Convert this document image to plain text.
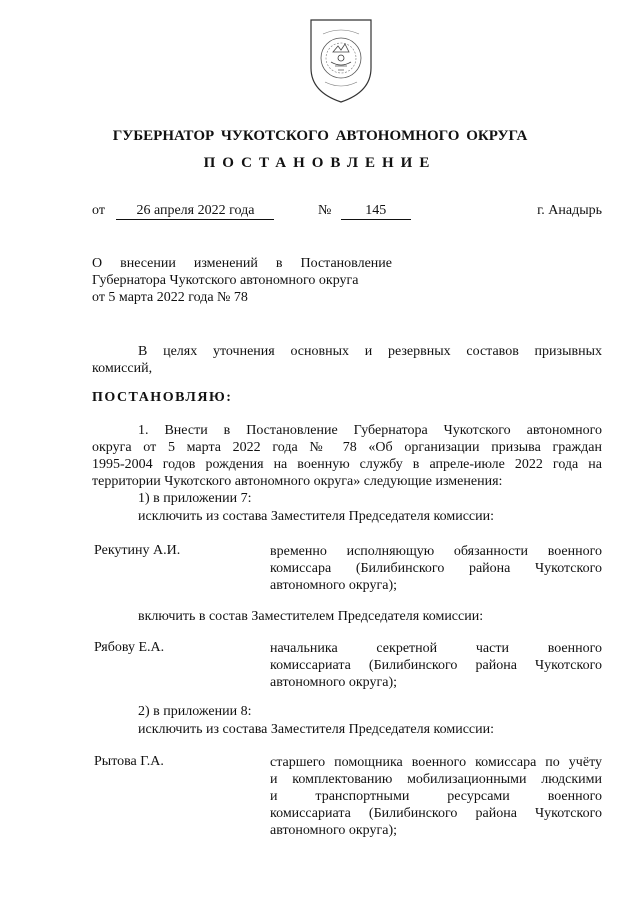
ГУБЕРНАТОР ЧУКОТСКОГО АВТОНОМНОГО ОКРУГА
ПОСТАНОВЛЕНИЕ
от 26 апреля 2022 года	№ 145	г. Анадырь
О внесении изменений в Постановление
Губернатора Чукотского автономного округа
от 5 марта 2022 года № 78
В целях уточнения основных и резервных составов призывных
комиссий,
ПОСТАНОВЛЯЮ:
1. Внести в Постановление Губернатора Чукотского автономного
округа от 5 марта 2022 года № 78 «Об организации призыва граждан
1995-2004 годов рождения на военную службу в апреле-июле 2022 года на
территории Чукотского автономного округа» следующие изменения:
1) в приложении 7:
исключить из состава Заместителя Председателя комиссии:
Рекутину А.И.	временно исполняющую обязанности военного
комиссара (Билибинского района Чукотского
автономного округа);
включить в состав Заместителем Председателя комиссии:
Рябову Е.А.	начальника секретной части военного
комиссариата (Билибинского района Чукотского
автономного округа);
2) в приложении 8:
исключить из состава Заместителя Председателя комиссии:
Рытова Г.А.	старшего помощника военного комиссара по учёту
и комплектованию мобилизационными людскими
и транспортными ресурсами военного
комиссариата (Билибинского района Чукотского
автономного округа);
